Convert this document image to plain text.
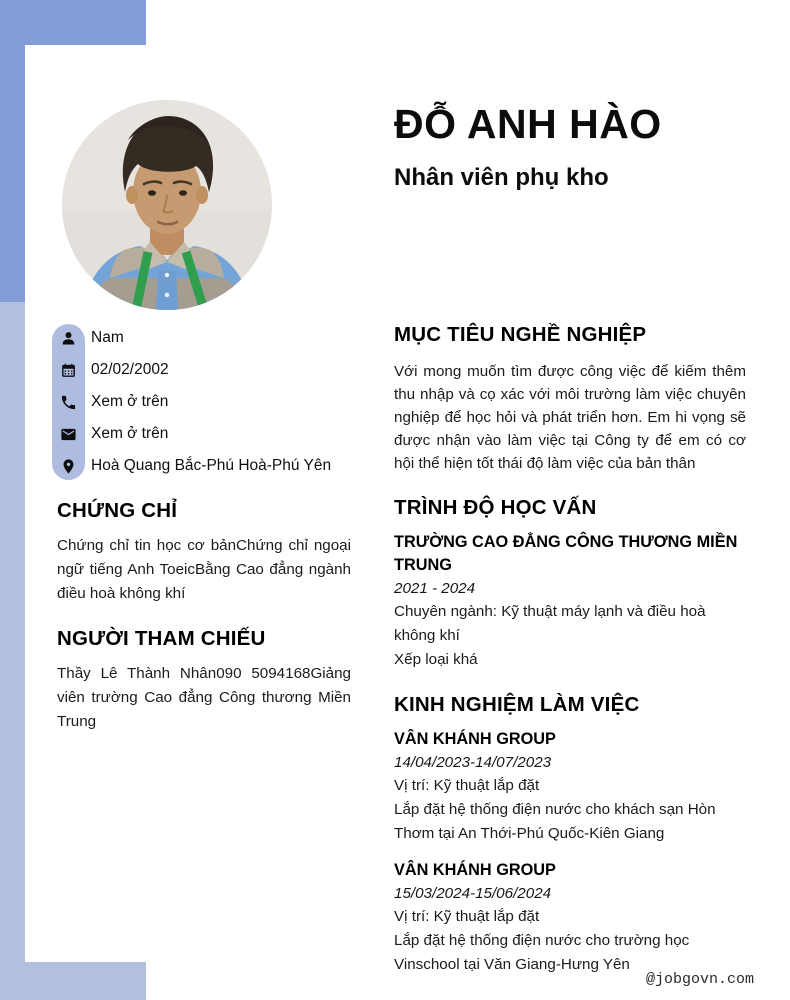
ĐỖ ANH HÀO
Nhân viên phụ kho
Nam
02/02/2002
Xem ở trên
Xem ở trên
Hoà Quang Bắc-Phú Hoà-Phú Yên
CHỨNG CHỈ

Chứng chỉ tin học cơ bảnChứng chỉ ngoại ngữ tiếng Anh ToeicBằng Cao đẳng ngành điều hoà không khí

NGƯỜI THAM CHIẾU

Thầy Lê Thành Nhân090 5094168Giảng viên trường Cao đẳng Công thương Miền Trung

MỤC TIÊU NGHỀ NGHIỆP

Với mong muốn tìm được công việc để kiếm thêm thu nhập và cọ xác với môi trường làm việc chuyên nghiệp để học hỏi và phát triển hơn. Em hi vọng sẽ được nhận vào làm việc tại Công ty để em có cơ hội thể hiện tốt thái độ làm việc của bản thân

TRÌNH ĐỘ HỌC VẤN
TRƯỜNG CAO ĐẲNG CÔNG THƯƠNG MIỀN TRUNG
2021 - 2024
Chuyên ngành: Kỹ thuật máy lạnh và điều hoà không khí
Xếp loại khá
KINH NGHIỆM LÀM VIỆC
VÂN KHÁNH GROUP
14/04/2023-14/07/2023
Vị trí: Kỹ thuật lắp đặt
Lắp đặt hệ thống điện nước cho khách sạn Hòn Thơm tại An Thới-Phú Quốc-Kiên Giang
VÂN KHÁNH GROUP
15/03/2024-15/06/2024
Vị trí: Kỹ thuật lắp đặt
Lắp đặt hệ thống điện nước cho trường học Vinschool tại Văn Giang-Hưng Yên
@jobgovn.com
